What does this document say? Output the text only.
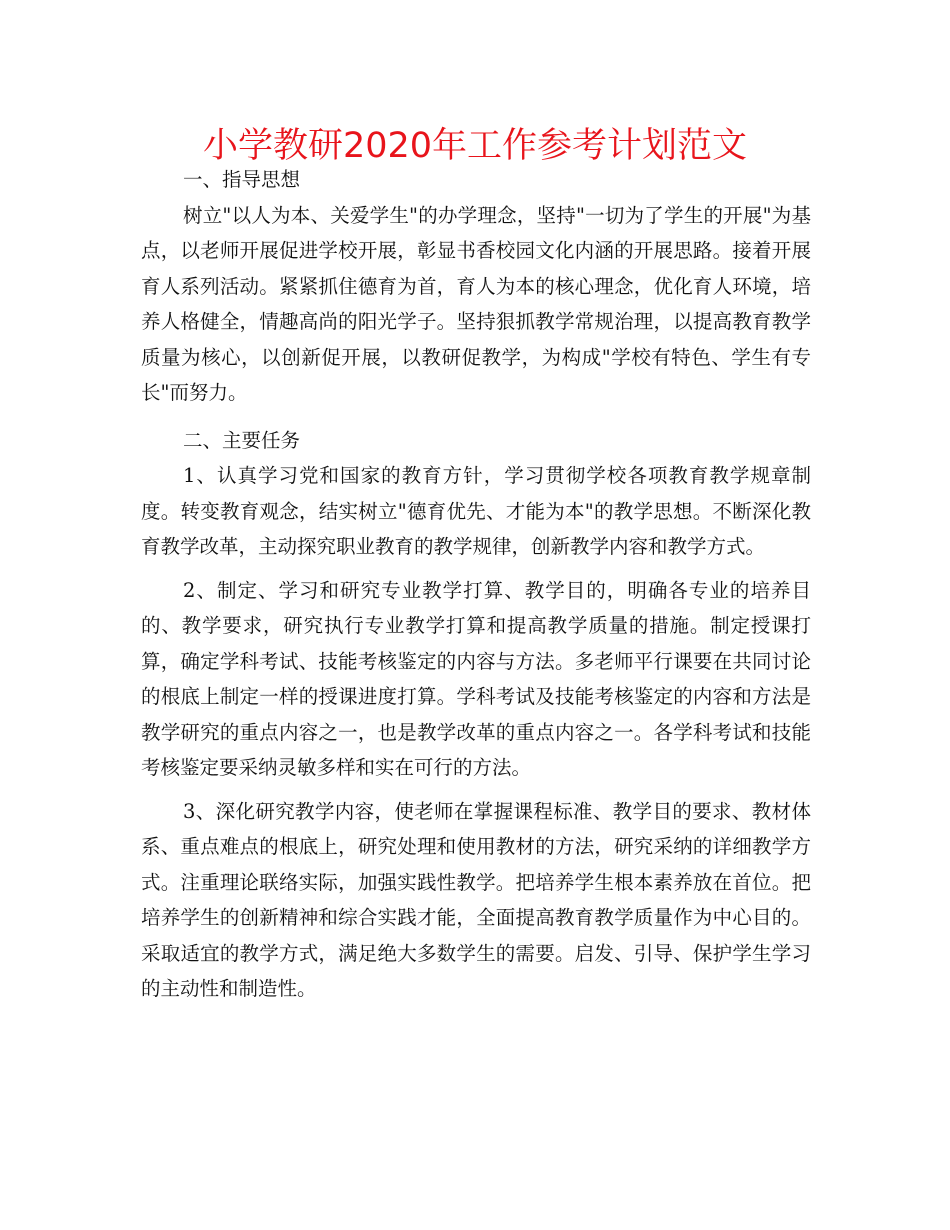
小学教研2020年工作参考计划范文

一、指导思想

树立"以人为本、关爱学生"的办学理念，坚持"一切为了学生的开展"为基点，以老师开展促进学校开展，彰显书香校园文化内涵的开展思路。接着开展育人系列活动。紧紧抓住德育为首，育人为本的核心理念，优化育人环境，培养人格健全，情趣高尚的阳光学子。坚持狠抓教学常规治理，以提高教育教学质量为核心，以创新促开展，以教研促教学，为构成"学校有特色、学生有专长"而努力。

二、主要任务

1、认真学习党和国家的教育方针，学习贯彻学校各项教育教学规章制度。转变教育观念，结实树立"德育优先、才能为本"的教学思想。不断深化教育教学改革，主动探究职业教育的教学规律，创新教学内容和教学方式。

2、制定、学习和研究专业教学打算、教学目的，明确各专业的培养目的、教学要求，研究执行专业教学打算和提高教学质量的措施。制定授课打算，确定学科考试、技能考核鉴定的内容与方法。多老师平行课要在共同讨论的根底上制定一样的授课进度打算。学科考试及技能考核鉴定的内容和方法是教学研究的重点内容之一，也是教学改革的重点内容之一。各学科考试和技能考核鉴定要采纳灵敏多样和实在可行的方法。

3、深化研究教学内容，使老师在掌握课程标准、教学目的要求、教材体系、重点难点的根底上，研究处理和使用教材的方法，研究采纳的详细教学方式。注重理论联络实际，加强实践性教学。把培养学生根本素养放在首位。把培养学生的创新精神和综合实践才能，全面提高教育教学质量作为中心目的。采取适宜的教学方式，满足绝大多数学生的需要。启发、引导、保护学生学习的主动性和制造性。
